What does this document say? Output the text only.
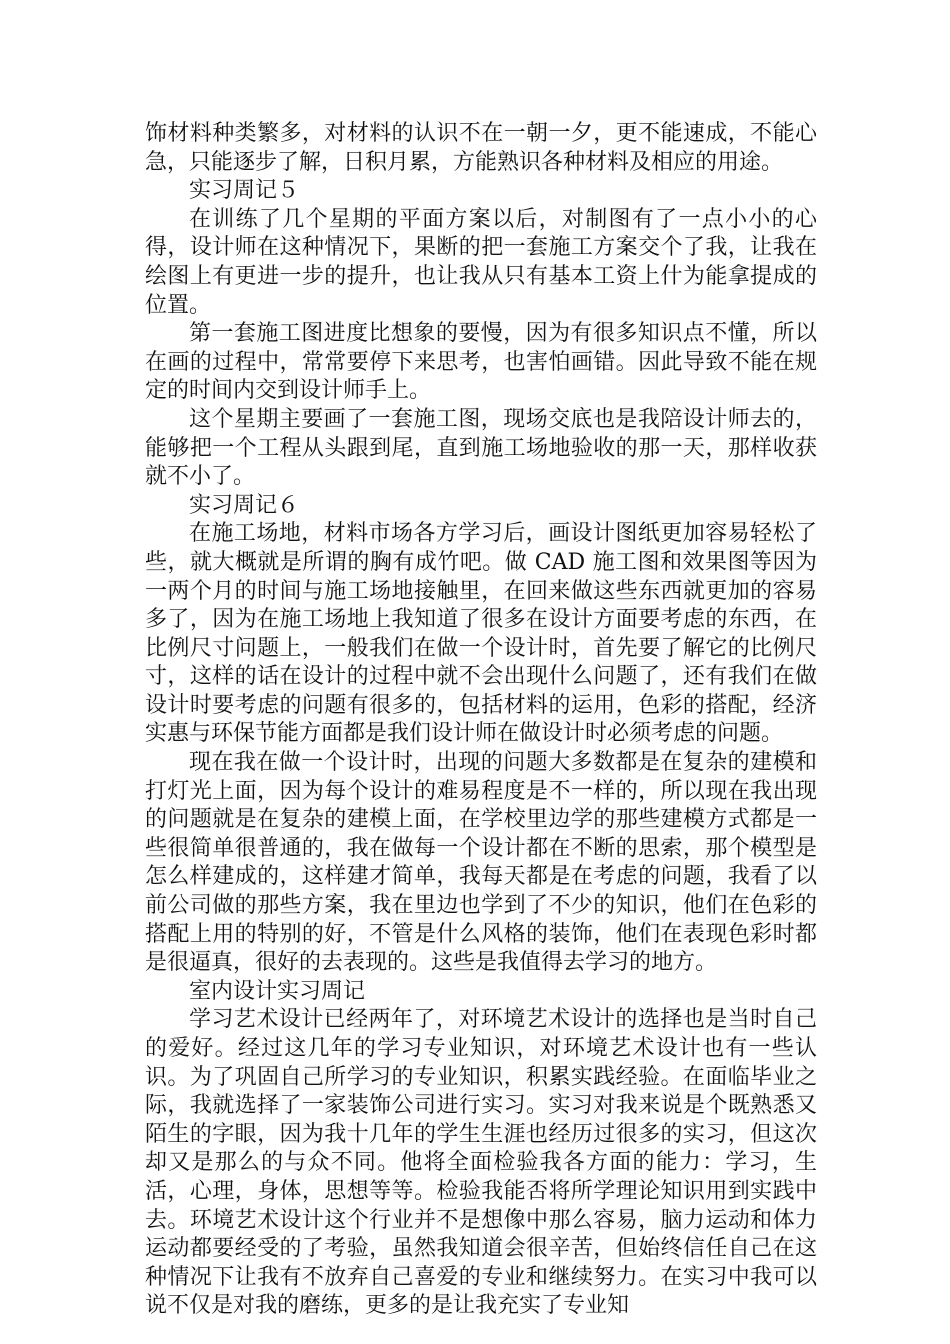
饰材料种类繁多，对材料的认识不在一朝一夕，更不能速成，不能心急，只能逐步了解，日积月累，方能熟识各种材料及相应的用途。

实习周记５

在训练了几个星期的平面方案以后，对制图有了一点小小的心得，设计师在这种情况下，果断的把一套施工方案交个了我，让我在绘图上有更进一步的提升，也让我从只有基本工资上什为能拿提成的位置。

第一套施工图进度比想象的要慢，因为有很多知识点不懂，所以在画的过程中，常常要停下来思考，也害怕画错。因此导致不能在规定的时间内交到设计师手上。

这个星期主要画了一套施工图，现场交底也是我陪设计师去的，能够把一个工程从头跟到尾，直到施工场地验收的那一天，那样收获就不小了。

实习周记６

在施工场地，材料市场各方学习后，画设计图纸更加容易轻松了些，就大概就是所谓的胸有成竹吧。做 CAD 施工图和效果图等因为一两个月的时间与施工场地接触里，在回来做这些东西就更加的容易多了，因为在施工场地上我知道了很多在设计方面要考虑的东西，在比例尺寸问题上，一般我们在做一个设计时，首先要了解它的比例尺寸，这样的话在设计的过程中就不会出现什么问题了，还有我们在做设计时要考虑的问题有很多的，包括材料的运用，色彩的搭配，经济实惠与环保节能方面都是我们设计师在做设计时必须考虑的问题。

现在我在做一个设计时，出现的问题大多数都是在复杂的建模和打灯光上面，因为每个设计的难易程度是不一样的，所以现在我出现的问题就是在复杂的建模上面，在学校里边学的那些建模方式都是一些很简单很普通的，我在做每一个设计都在不断的思索，那个模型是怎么样建成的，这样建才简单，我每天都是在考虑的问题，我看了以前公司做的那些方案，我在里边也学到了不少的知识，他们在色彩的搭配上用的特别的好，不管是什么风格的装饰，他们在表现色彩时都是很逼真，很好的去表现的。这些是我值得去学习的地方。

室内设计实习周记

学习艺术设计已经两年了，对环境艺术设计的选择也是当时自己的爱好。经过这几年的学习专业知识，对环境艺术设计也有一些认识。为了巩固自己所学习的专业知识，积累实践经验。在面临毕业之际，我就选择了一家装饰公司进行实习。实习对我来说是个既熟悉又陌生的字眼，因为我十几年的学生生涯也经历过很多的实习，但这次却又是那么的与众不同。他将全面检验我各方面的能力：学习，生活，心理，身体，思想等等。检验我能否将所学理论知识用到实践中去。环境艺术设计这个行业并不是想像中那么容易，脑力运动和体力运动都要经受的了考验，虽然我知道会很辛苦，但始终信任自己在这种情况下让我有不放弃自己喜爱的专业和继续努力。在实习中我可以说不仅是对我的磨练，更多的是让我充实了专业知
